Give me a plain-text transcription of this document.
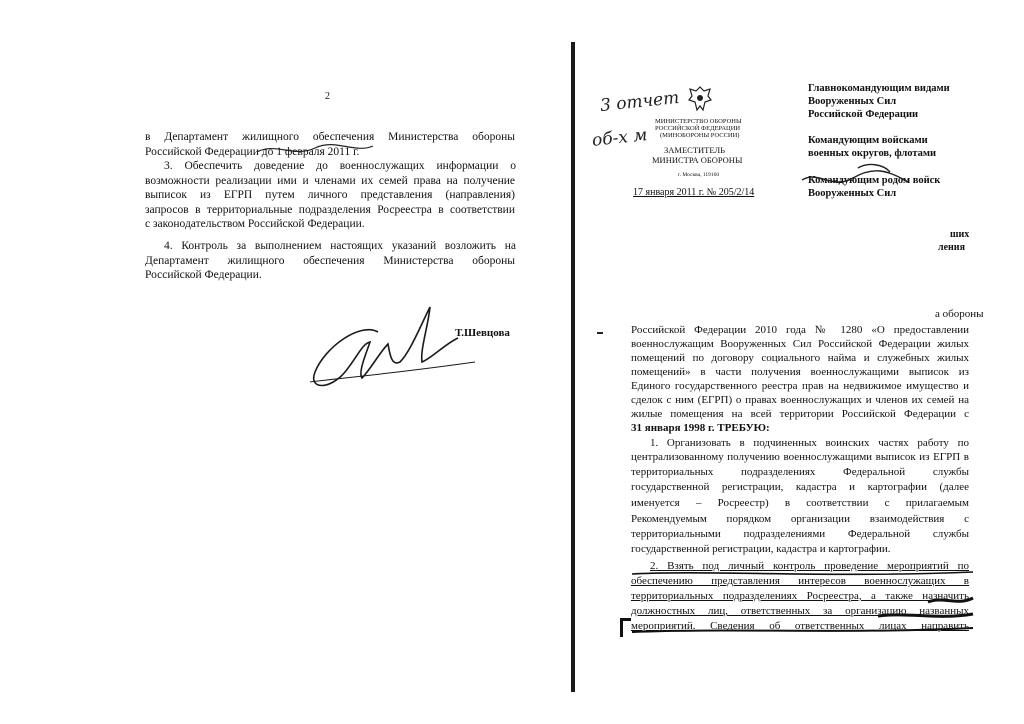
2
в Департамент жилищного обеспечения Министерства обороны
Российской Федерации до 1 февраля 2011 г.
3. Обеспечить доведение до военнослужащих информации о
возможности реализации ими и членами их семей права на получение
выписок из ЕГРП путем личного представления (направления)
запросов в территориальные подразделения Росреестра в соответствии
с законодательством Российской Федерации.
4. Контроль за выполнением настоящих указаний возложить на
Департамент жилищного обеспечения Министерства обороны
Российской Федерации.
Т.Шевцова
3 отчет
об-х м
МИНИСТЕРСТВО ОБОРОНЫ
РОССИЙСКОЙ ФЕДЕРАЦИИ
(МИНОБОРОНЫ РОССИИ)
ЗАМЕСТИТЕЛЬ
МИНИСТРА ОБОРОНЫ
г. Москва, 119160
17 января 2011 г. № 205/2/14
Главнокомандующим видами
Вооруженных Сил
Российской Федерации
Командующим войсками
военных округов, флотами
Командующим родом войск
Вооруженных Сил
ших
ления
а обороны
Российской Федерации 2010 года № 1280 «О предоставлении
военнослужащим Вооруженных Сил Российской Федерации жилых
помещений по договору социального найма и служебных жилых
помещений» в части получения военнослужащими выписок из
Единого государственного реестра прав на недвижимое имущество и
сделок с ним (ЕГРП) о правах военнослужащих и членов их семей на
жилые помещения на всей территории Российской Федерации с
31 января 1998 г. ТРЕБУЮ:
1. Организовать в подчиненных воинских частях работу по
централизованному получению военнослужащими выписок из ЕГРП в
территориальных подразделениях Федеральной службы
государственной регистрации, кадастра и картографии (далее
именуется – Росреестр) в соответствии с прилагаемым
Рекомендуемым порядком организации взаимодействия с
территориальными подразделениями Федеральной службы
государственной регистрации, кадастра и картографии.
2. Взять под личный контроль проведение мероприятий по
обеспечению представления интересов военнослужащих в
территориальных подразделениях Росреестра, а также назначить
должностных лиц, ответственных за организацию названных
мероприятий. Сведения об ответственных лицах направить
